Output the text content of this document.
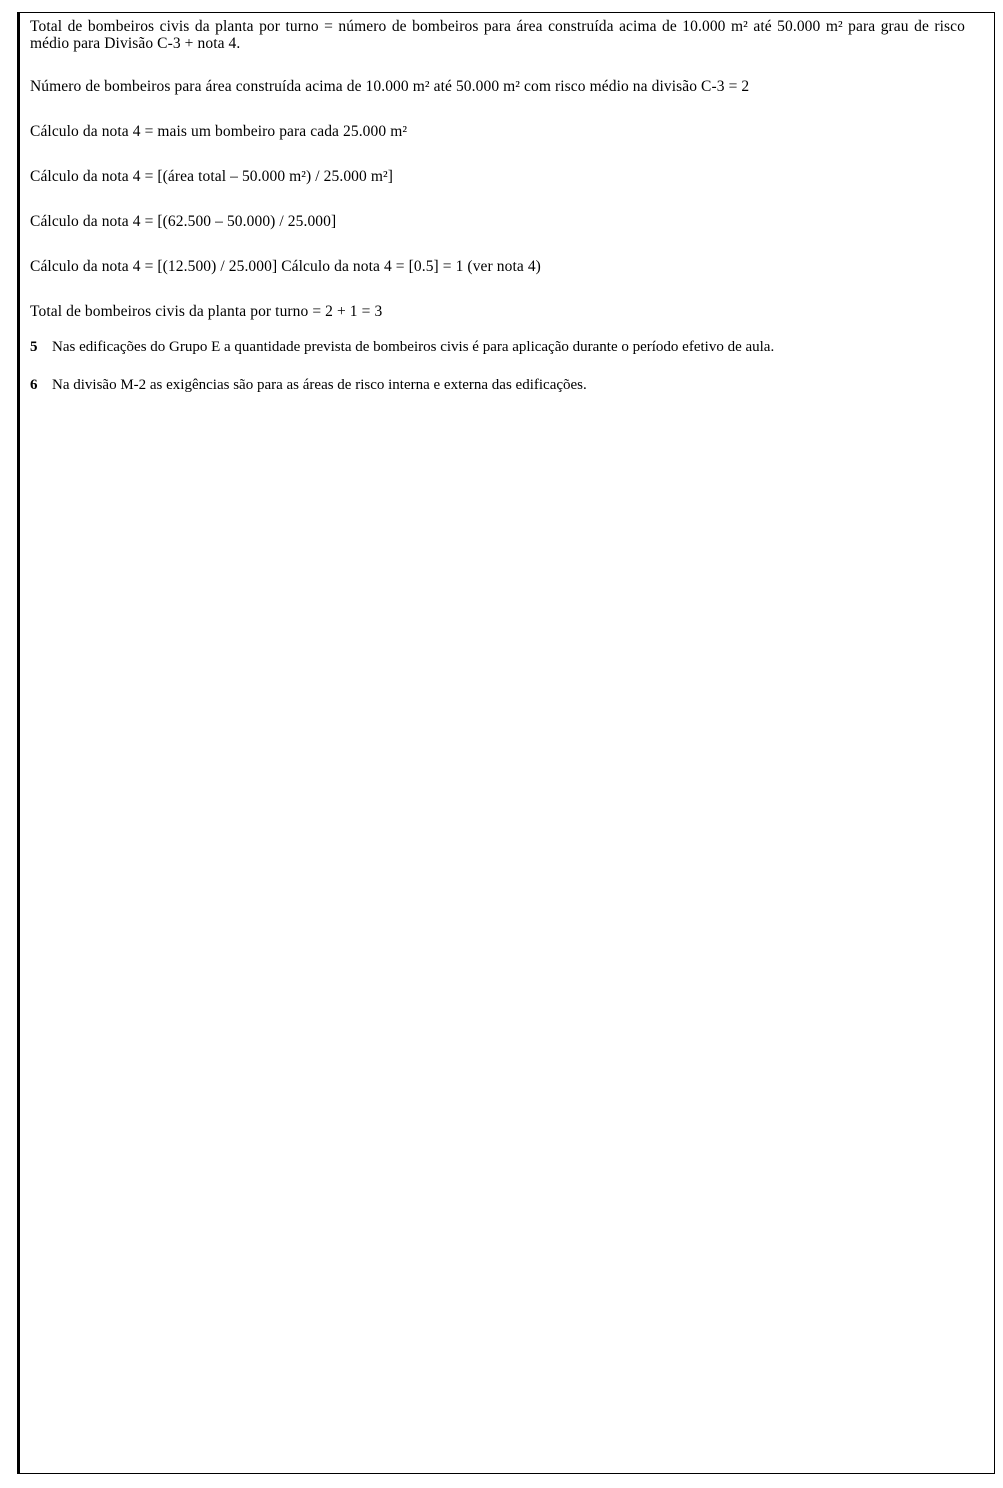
Total de bombeiros civis da planta por turno = número de bombeiros para área construída acima de 10.000 m² até 50.000 m² para grau de risco médio para Divisão C-3 + nota 4.

Número de bombeiros para área construída acima de 10.000 m² até 50.000 m² com risco médio na divisão C-3 = 2

Cálculo da nota 4 = mais um bombeiro para cada 25.000 m²

Cálculo da nota 4 = [(área total – 50.000 m²) / 25.000 m²]

Cálculo da nota 4 = [(62.500 – 50.000) / 25.000]

Cálculo da nota 4 = [(12.500) / 25.000] Cálculo da nota 4 = [0.5] = 1 (ver nota 4)

Total de bombeiros civis da planta por turno = 2 + 1 = 3

5 Nas edificações do Grupo E a quantidade prevista de bombeiros civis é para aplicação durante o período efetivo de aula.

6 Na divisão M-2 as exigências são para as áreas de risco interna e externa das edificações.
